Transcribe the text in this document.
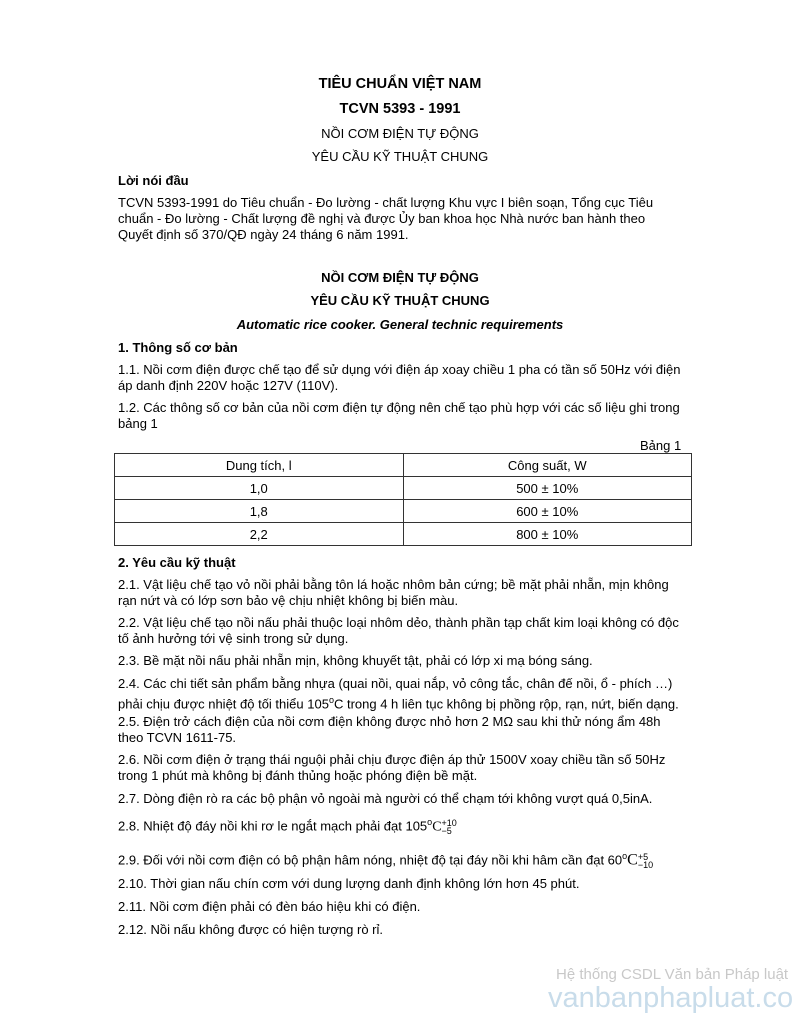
TIÊU CHUẨN VIỆT NAM
TCVN 5393 - 1991
NỒI CƠM ĐIỆN TỰ ĐỘNG
YÊU CẦU KỸ THUẬT CHUNG
Lời nói đầu
TCVN 5393-1991 do Tiêu chuẩn - Đo lường - chất lượng Khu vực I biên soạn, Tổng cục Tiêu
chuẩn - Đo lường - Chất lượng đề nghị và được Ủy ban khoa học Nhà nước ban hành theo
Quyết định số 370/QĐ ngày 24 tháng 6 năm 1991.
NỒI CƠM ĐIỆN TỰ ĐỘNG
YÊU CẦU KỸ THUẬT CHUNG
Automatic rice cooker. General technic requirements
1. Thông số cơ bản
1.1. Nồi cơm điện được chế tạo để sử dụng với điện áp xoay chiều 1 pha có tần số 50Hz với điện
áp danh định 220V hoặc 127V (110V).
1.2. Các thông số cơ bản của nồi cơm điện tự động nên chế tạo phù hợp với các số liệu ghi trong
bảng 1
Bảng 1
Dung tích, l	Công suất, W
1,0	500 ± 10%
1,8	600 ± 10%
2,2	800 ± 10%
2. Yêu cầu kỹ thuật
2.1. Vật liệu chế tạo vỏ nồi phải bằng tôn lá hoặc nhôm bản cứng; bề mặt phải nhẵn, mịn không
rạn nứt và có lớp sơn bảo vệ chịu nhiệt không bị biến màu.
2.2. Vật liệu chế tạo nồi nấu phải thuộc loại nhôm dẻo, thành phần tạp chất kim loại không có độc
tố ảnh hưởng tới vệ sinh trong sử dụng.
2.3. Bề mặt nồi nấu phải nhẵn mịn, không khuyết tật, phải có lớp xi mạ bóng sáng.
2.4. Các chi tiết sản phẩm bằng nhựa (quai nồi, quai nắp, vỏ công tắc, chân đế nồi, ổ - phích …)
phải chịu được nhiệt độ tối thiểu 105$^o$C trong 4 h liên tục không bị phồng rộp, rạn, nứt, biến dạng.
2.5. Điện trở cách điện của nồi cơm điện không được nhỏ hơn 2 MΩ sau khi thử nóng ẩm 48h
theo TCVN 1611-75.
2.6. Nồi cơm điện ở trạng thái nguội phải chịu được điện áp thử 1500V xoay chiều tần số 50Hz
trong 1 phút mà không bị đánh thủng hoặc phóng điện bề mặt.
2.7. Dòng điện rò ra các bộ phận vỏ ngoài mà người có thể chạm tới không vượt quá 0,5inA.
2.8. Nhiệt độ đáy nồi khi rơ le ngắt mạch phải đạt $105^oC +10$
−5
2.9. Đối với nồi cơm điện có bộ phận hâm nóng, nhiệt độ tại đáy nồi khi hâm cần đạt $60^oC +5$
−10
2.10. Thời gian nấu chín cơm với dung lượng danh định không lớn hơn 45 phút.
2.11. Nồi cơm điện phải có đèn báo hiệu khi có điện.
2.12. Nồi nấu không được có hiện tượng rò rỉ.
Hệ thống CSDL Văn bản Pháp luật
vanbanphapluat.co
